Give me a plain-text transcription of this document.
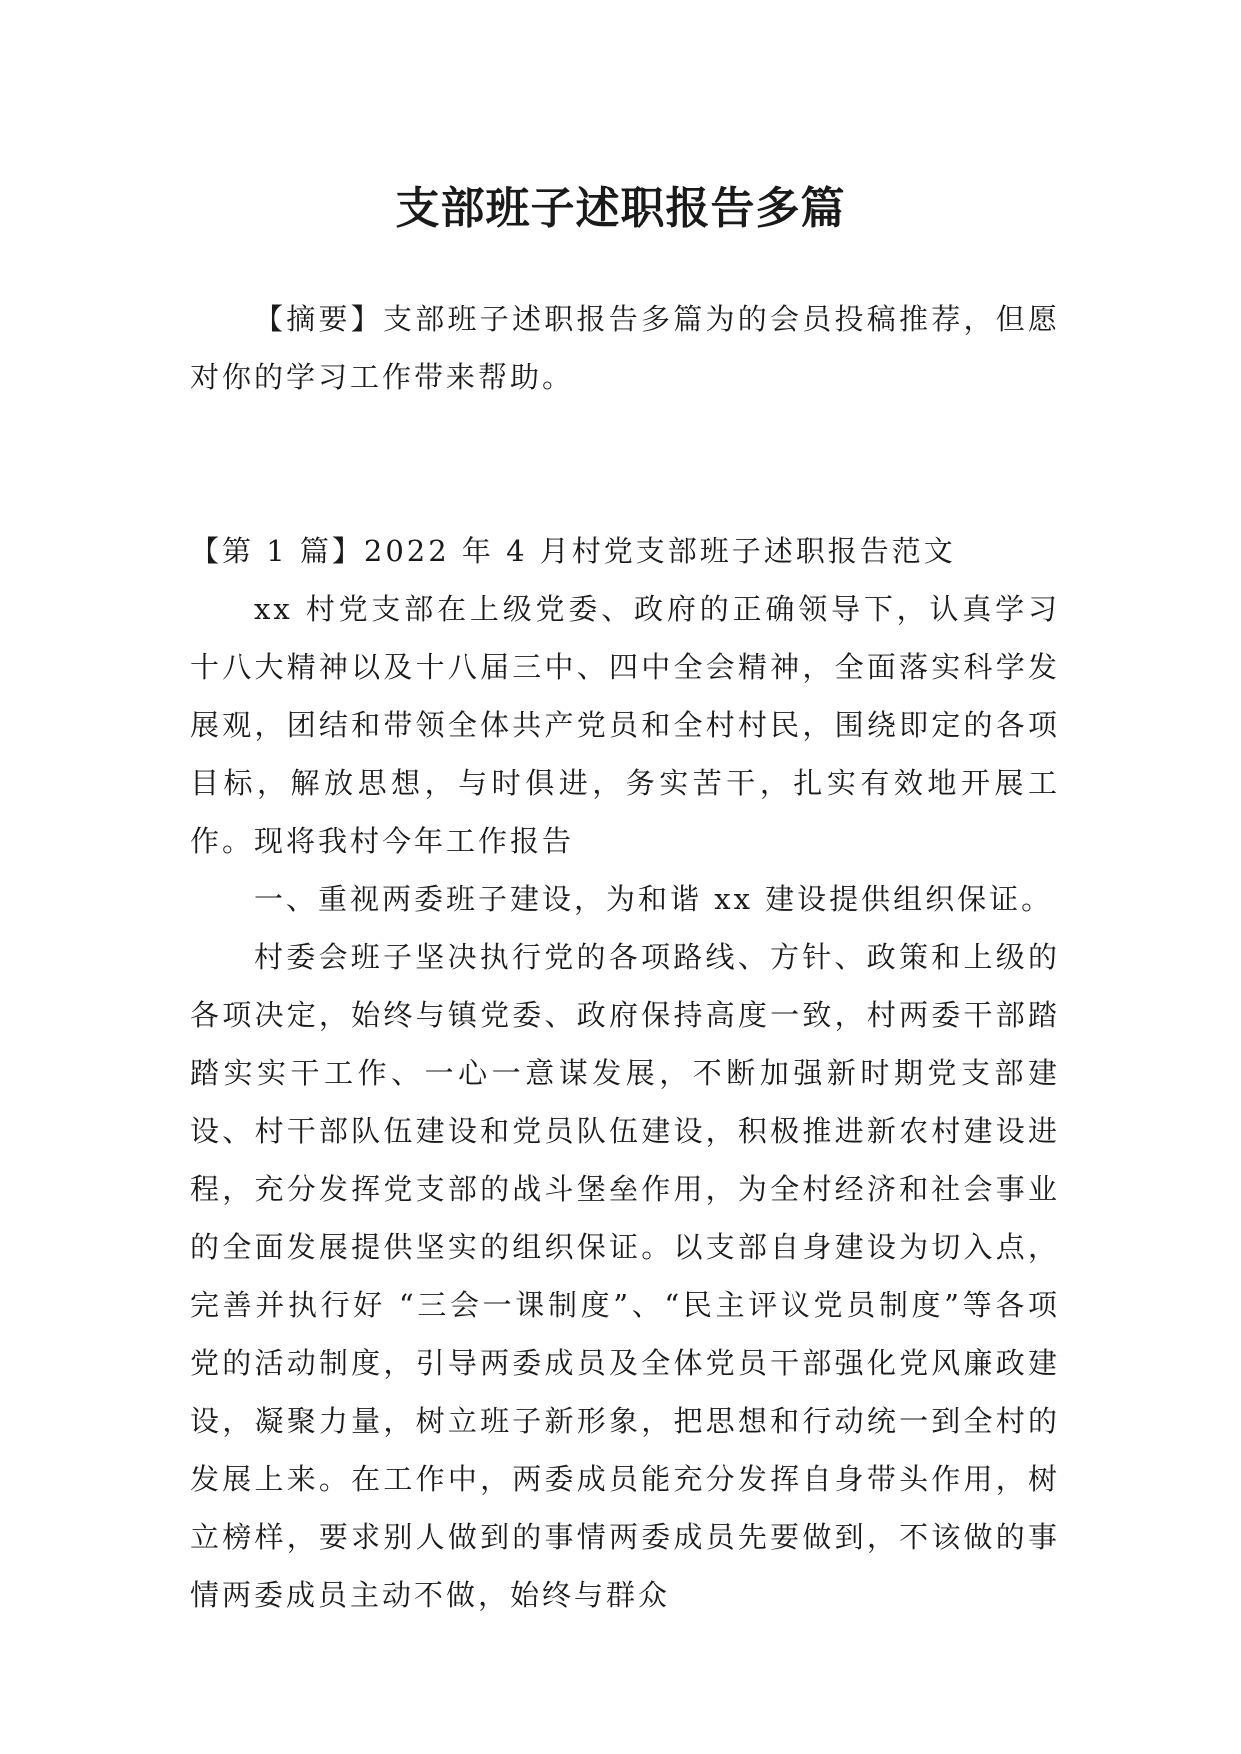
支部班子述职报告多篇

【摘要】支部班子述职报告多篇为的会员投稿推荐，但愿对你的学习工作带来帮助。

【第 1 篇】2022 年 4 月村党支部班子述职报告范文

xx 村党支部在上级党委、政府的正确领导下，认真学习十八大精神以及十八届三中、四中全会精神，全面落实科学发展观，团结和带领全体共产党员和全村村民，围绕即定的各项目标，解放思想，与时俱进，务实苦干，扎实有效地开展工作。现将我村今年工作报告

一、重视两委班子建设，为和谐 xx 建设提供组织保证。

村委会班子坚决执行党的各项路线、方针、政策和上级的各项决定，始终与镇党委、政府保持高度一致，村两委干部踏踏实实干工作、一心一意谋发展，不断加强新时期党支部建设、村干部队伍建设和党员队伍建设，积极推进新农村建设进程，充分发挥党支部的战斗堡垒作用，为全村经济和社会事业的全面发展提供坚实的组织保证。以支部自身建设为切入点，完善并执行好 “三会一课制度”、“民主评议党员制度”等各项党的活动制度，引导两委成员及全体党员干部强化党风廉政建设，凝聚力量，树立班子新形象，把思想和行动统一到全村的发展上来。在工作中，两委成员能充分发挥自身带头作用，树立榜样，要求别人做到的事情两委成员先要做到，不该做的事情两委成员主动不做，始终与群众
